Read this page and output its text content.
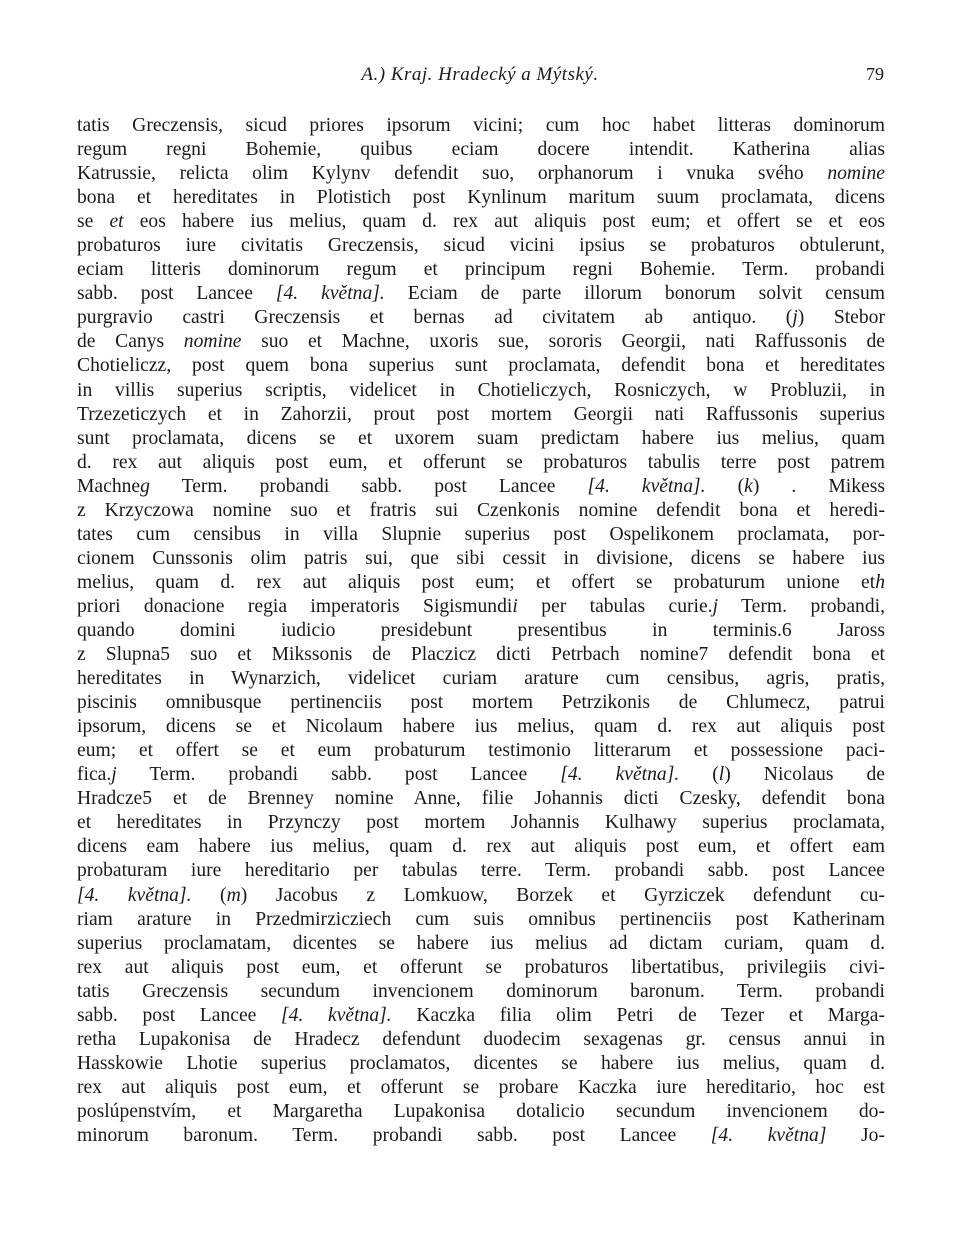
A.) Kraj. Hradecký a Mýtský.	79
tatis Greczensis, sicud priores ipsorum vicini; cum hoc habet litteras dominorum
regum regni Bohemie, quibus eciam docere intendit. Katherina alias
Katrussie, relicta olim Kylynv defendit suo, orphanorum i vnuka svého nomine
bona et hereditates in Plotistich post Kynlinum maritum suum proclamata, dicens
se et eos habere ius melius, quam d. rex aut aliquis post eum; et offert se et eos
probaturos iure civitatis Greczensis, sicud vicini ipsius se probaturos obtulerunt,
eciam litteris dominorum regum et principum regni Bohemie. Term. probandi
sabb. post Lancee [4. května]. Eciam de parte illorum bonorum solvit censum
purgravio castri Greczensis et bernas ad civitatem ab antiquo. (j) Stebor
de Canys nomine suo et Machne, uxoris sue, sororis Georgii, nati Raffussonis de
Chotieliczz, post quem bona superius sunt proclamata, defendit bona et hereditates
in villis superius scriptis, videlicet in Chotieliczych, Rosniczych, w Probluzii, in
Trzezeticzych et in Zahorzii, prout post mortem Georgii nati Raffussonis superius
sunt proclamata, dicens se et uxorem suam predictam habere ius melius, quam
d. rex aut aliquis post eum, et offerunt se probaturos tabulis terre post patrem
Machneg Term. probandi sabb. post Lancee [4. května]. (k) . Mikess
z Krzyczowa nomine suo et fratris sui Czenkonis nomine defendit bona et heredi-
tates cum censibus in villa Slupnie superius post Ospelikonem proclamata, por-
cionem Cunssonis olim patris sui, que sibi cessit in divisione, dicens se habere ius
melius, quam d. rex aut aliquis post eum; et offert se probaturum unione eth
priori donacione regia imperatoris Sigismundii per tabulas curie.j Term. probandi,
quando domini iudicio presidebunt presentibus in terminis.6 Jaross
z Slupna5 suo et Mikssonis de Placzicz dicti Petrbach nomine7 defendit bona et
hereditates in Wynarzich, videlicet curiam arature cum censibus, agris, pratis,
piscinis omnibusque pertinenciis post mortem Petrzikonis de Chlumecz, patrui
ipsorum, dicens se et Nicolaum habere ius melius, quam d. rex aut aliquis post
eum; et offert se et eum probaturum testimonio litterarum et possessione paci-
fica.j Term. probandi sabb. post Lancee [4. května]. (l) Nicolaus de
Hradcze5 et de Brenney nomine Anne, filie Johannis dicti Czesky, defendit bona
et hereditates in Przynczy post mortem Johannis Kulhawy superius proclamata,
dicens eam habere ius melius, quam d. rex aut aliquis post eum, et offert eam
probaturam iure hereditario per tabulas terre. Term. probandi sabb. post Lancee
[4. května]. (m) Jacobus z Lomkuow, Borzek et Gyrziczek defendunt cu-
riam arature in Przedmirzicziech cum suis omnibus pertinenciis post Katherinam
superius proclamatam, dicentes se habere ius melius ad dictam curiam, quam d.
rex aut aliquis post eum, et offerunt se probaturos libertatibus, privilegiis civi-
tatis Greczensis secundum invencionem dominorum baronum. Term. probandi
sabb. post Lancee [4. května]. Kaczka filia olim Petri de Tezer et Marga-
retha Lupakonisa de Hradecz defendunt duodecim sexagenas gr. census annui in
Hasskowie Lhotie superius proclamatos, dicentes se habere ius melius, quam d.
rex aut aliquis post eum, et offerunt se probare Kaczka iure hereditario, hoc est
poslúpenstvím, et Margaretha Lupakonisa dotalicio secundum invencionem do-
minorum baronum. Term. probandi sabb. post Lancee [4. května] Jo-
